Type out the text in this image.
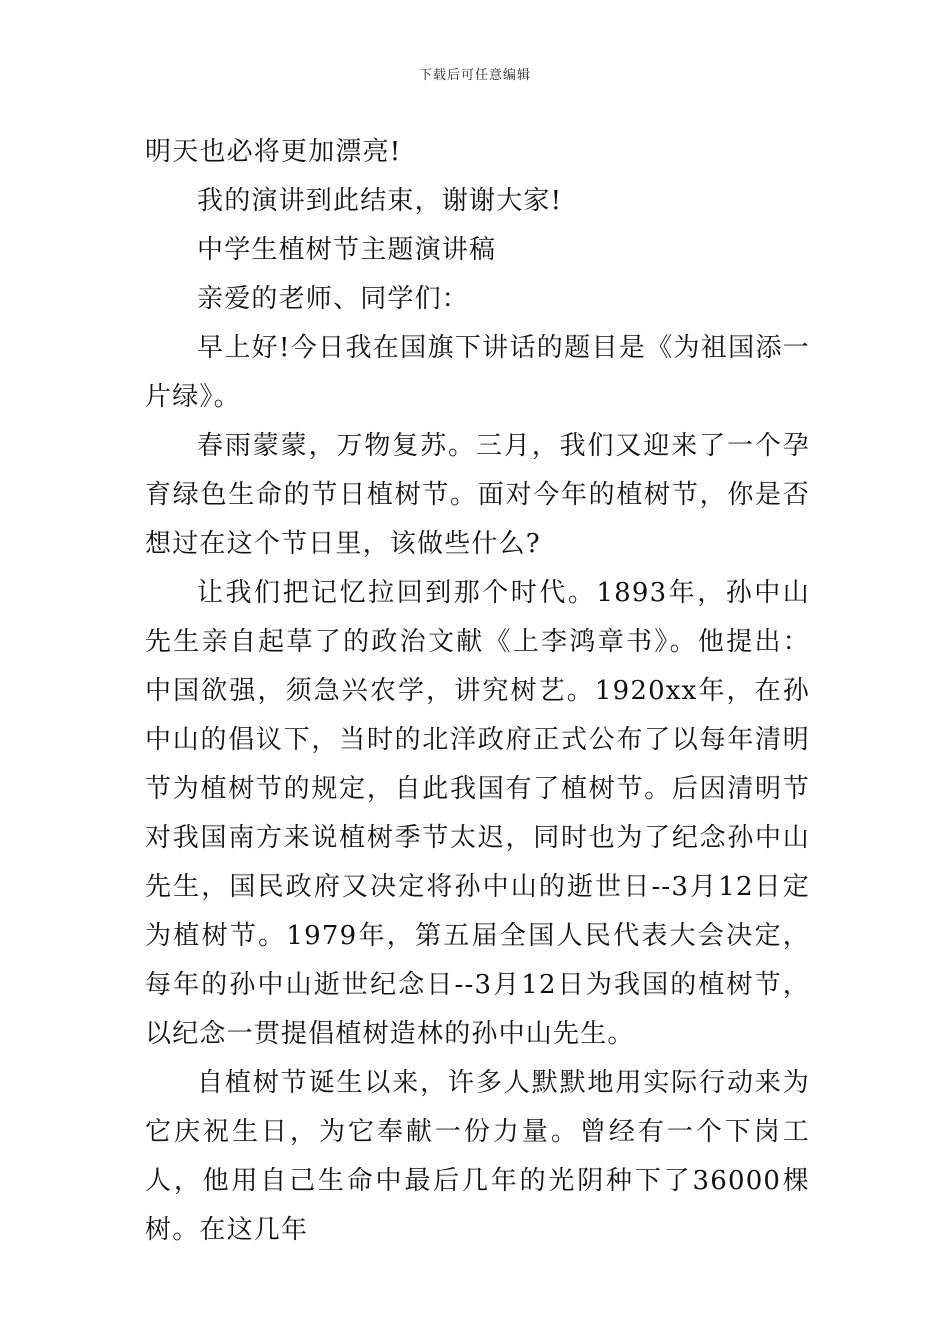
下载后可任意编辑

明天也必将更加漂亮!

我的演讲到此结束，谢谢大家!

中学生植树节主题演讲稿

亲爱的老师、同学们：

早上好!今日我在国旗下讲话的题目是《为祖国添一片绿》。

春雨蒙蒙，万物复苏。三月，我们又迎来了一个孕育绿色生命的节日植树节。面对今年的植树节，你是否想过在这个节日里，该做些什么?

让我们把记忆拉回到那个时代。1893年，孙中山先生亲自起草了的政治文献《上李鸿章书》。他提出：中国欲强，须急兴农学，讲究树艺。1920xx年，在孙中山的倡议下，当时的北洋政府正式公布了以每年清明节为植树节的规定，自此我国有了植树节。后因清明节对我国南方来说植树季节太迟，同时也为了纪念孙中山先生，国民政府又决定将孙中山的逝世日--3月12日定为植树节。1979年，第五届全国人民代表大会决定，每年的孙中山逝世纪念日--3月12日为我国的植树节，以纪念一贯提倡植树造林的孙中山先生。

自植树节诞生以来，许多人默默地用实际行动来为它庆祝生日，为它奉献一份力量。曾经有一个下岗工人，他用自己生命中最后几年的光阴种下了36000棵树。在这几年
